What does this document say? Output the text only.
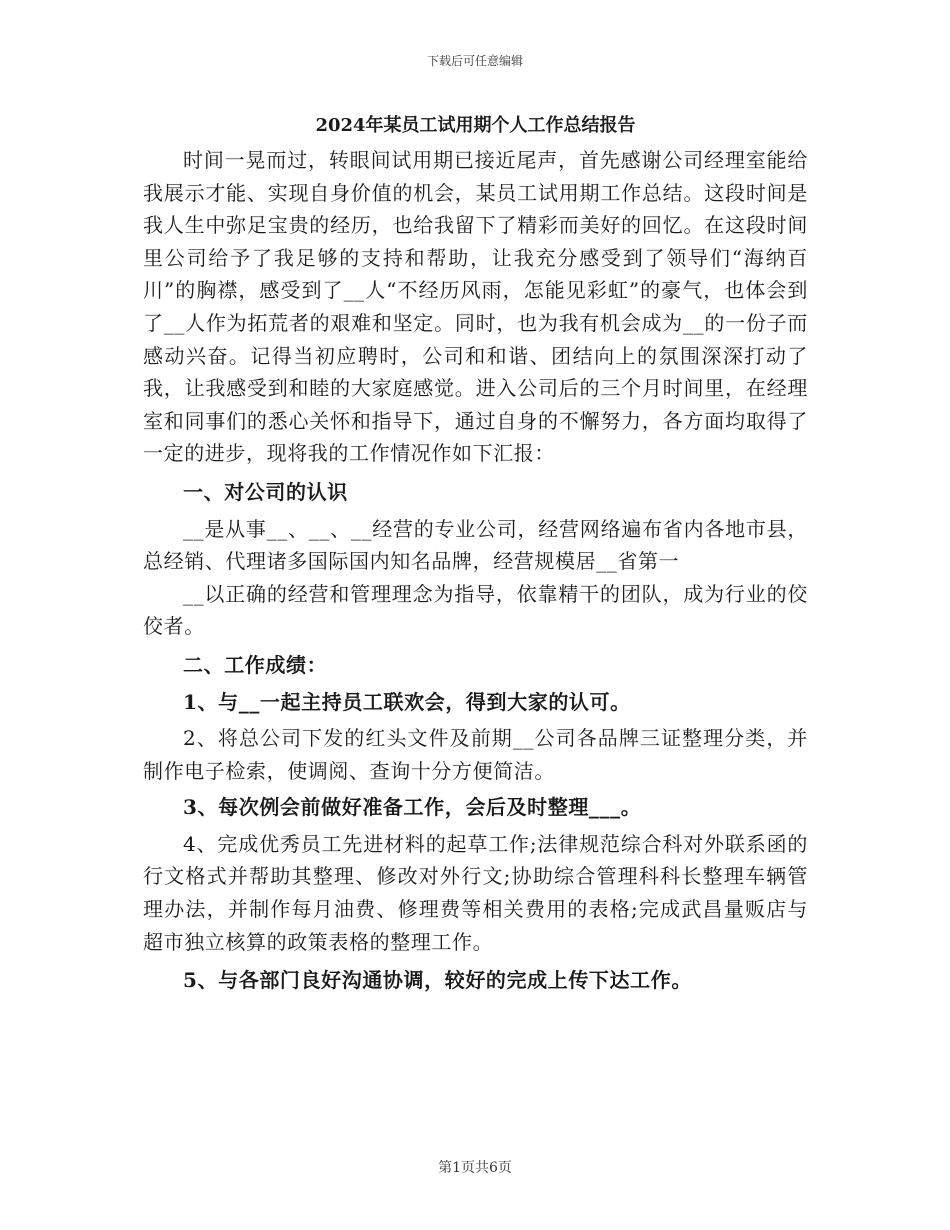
下载后可任意编辑
2024年某员工试用期个人工作总结报告

时间一晃而过，转眼间试用期已接近尾声，首先感谢公司经理室能给我展示才能、实现自身价值的机会，某员工试用期工作总结。这段时间是我人生中弥足宝贵的经历，也给我留下了精彩而美好的回忆。在这段时间里公司给予了我足够的支持和帮助，让我充分感受到了领导们“海纳百川”的胸襟，感受到了__人“不经历风雨，怎能见彩虹”的豪气，也体会到了__人作为拓荒者的艰难和坚定。同时，也为我有机会成为__的一份子而感动兴奋。记得当初应聘时，公司和和谐、团结向上的氛围深深打动了我，让我感受到和睦的大家庭感觉。进入公司后的三个月时间里，在经理室和同事们的悉心关怀和指导下，通过自身的不懈努力，各方面均取得了一定的进步，现将我的工作情况作如下汇报：

一、对公司的认识

__是从事__、__、__经营的专业公司，经营网络遍布省内各地市县，总经销、代理诸多国际国内知名品牌，经营规模居__省第一

__以正确的经营和管理理念为指导，依靠精干的团队，成为行业的佼佼者。

二、工作成绩：

1、与__一起主持员工联欢会，得到大家的认可。

2、将总公司下发的红头文件及前期__公司各品牌三证整理分类，并制作电子检索，使调阅、查询十分方便简洁。

3、每次例会前做好准备工作，会后及时整理___。

4、完成优秀员工先进材料的起草工作;法律规范综合科对外联系函的行文格式并帮助其整理、修改对外行文;协助综合管理科科长整理车辆管理办法，并制作每月油费、修理费等相关费用的表格;完成武昌量贩店与超市独立核算的政策表格的整理工作。

5、与各部门良好沟通协调，较好的完成上传下达工作。

第1页共6页
